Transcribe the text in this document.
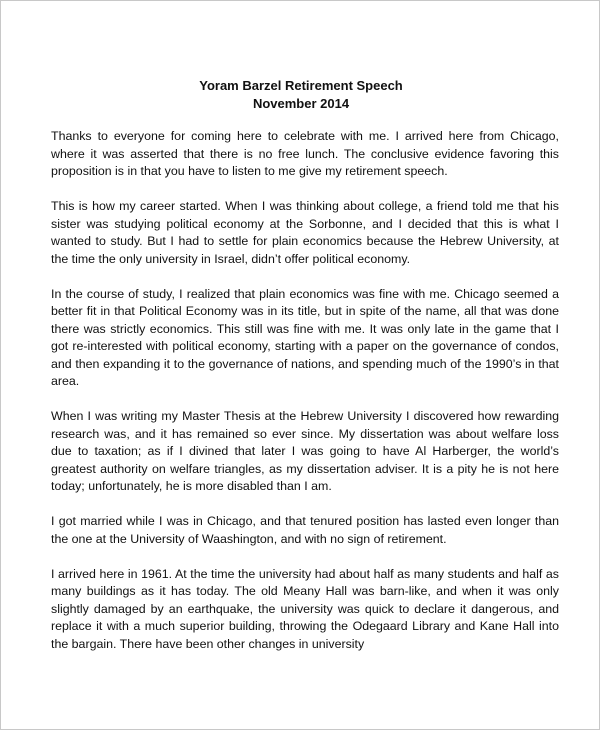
Yoram Barzel Retirement Speech
November 2014

Thanks to everyone for coming here to celebrate with me. I arrived here from Chicago, where it was asserted that there is no free lunch. The conclusive evidence favoring this proposition is in that you have to listen to me give my retirement speech.

This is how my career started. When I was thinking about college, a friend told me that his sister was studying political economy at the Sorbonne, and I decided that this is what I wanted to study. But I had to settle for plain economics because the Hebrew University, at the time the only university in Israel, didn’t offer political economy.

In the course of study, I realized that plain economics was fine with me. Chicago seemed a better fit in that Political Economy was in its title, but in spite of the name, all that was done there was strictly economics. This still was fine with me. It was only late in the game that I got re-interested with political economy, starting with a paper on the governance of condos, and then expanding it to the governance of nations, and spending much of the 1990’s in that area.

When I was writing my Master Thesis at the Hebrew University I discovered how rewarding research was, and it has remained so ever since. My dissertation was about welfare loss due to taxation; as if I divined that later I was going to have Al Harberger, the world’s greatest authority on welfare triangles, as my dissertation adviser. It is a pity he is not here today; unfortunately, he is more disabled than I am.

I got married while I was in Chicago, and that tenured position has lasted even longer than the one at the University of Waashington, and with no sign of retirement.

I arrived here in 1961. At the time the university had about half as many students and half as many buildings as it has today. The old Meany Hall was barn-like, and when it was only slightly damaged by an earthquake, the university was quick to declare it dangerous, and replace it with a much superior building, throwing the Odegaard Library and Kane Hall into the bargain. There have been other changes in university
